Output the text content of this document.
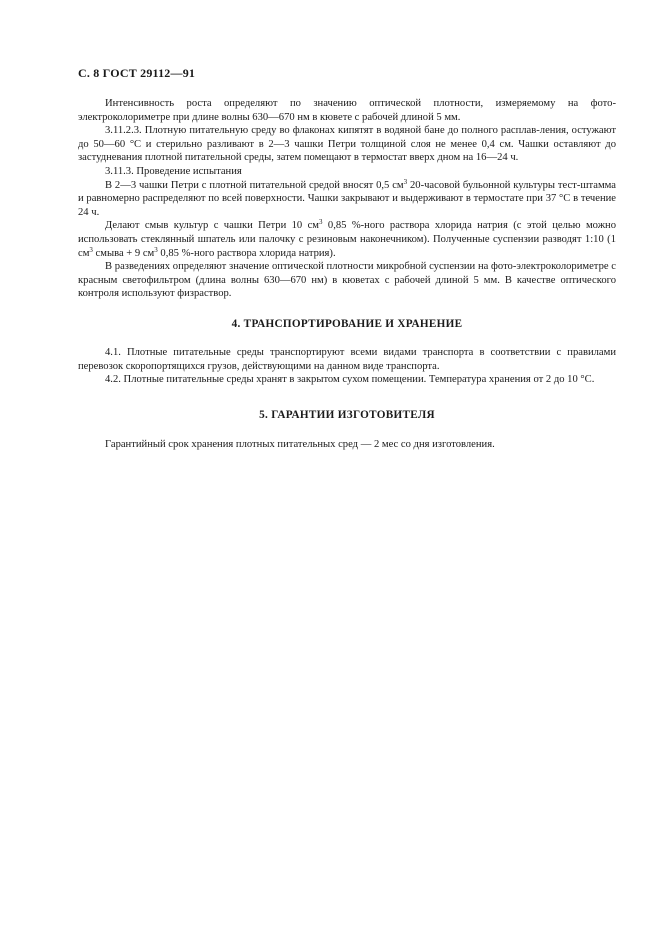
С. 8 ГОСТ 29112—91

Интенсивность роста определяют по значению оптической плотности, измеряемому на фото-электроколориметре при длине волны 630—670 нм в кювете с рабочей длиной 5 мм.

3.11.2.3. Плотную питательную среду во флаконах кипятят в водяной бане до полного расплав-ления, остужают до 50—60 °С и стерильно разливают в 2—3 чашки Петри толщиной слоя не менее 0,4 см. Чашки оставляют до застудневания плотной питательной среды, затем помещают в термостат вверх дном на 16—24 ч.

3.11.3. Проведение испытания

В 2—3 чашки Петри с плотной питательной средой вносят 0,5 $см^3$ 20-часовой бульонной культуры тест-штамма и равномерно распределяют по всей поверхности. Чашки закрывают и выдерживают в термостате при 37 °С в течение 24 ч.

Делают смыв культур с чашки Петри 10 $см^3$ 0,85 %-ного раствора хлорида натрия (с этой целью можно использовать стеклянный шпатель или палочку с резиновым наконечником). Полученные суспензии разводят 1:10 (1 $см^3$ смыва + 9 $см^3$ 0,85 %-ного раствора хлорида натрия).

В разведениях определяют значение оптической плотности микробной суспензии на фото-электроколориметре с красным светофильтром (длина волны 630—670 нм) в кюветах с рабочей длиной 5 мм. В качестве оптического контроля используют физраствор.

4. ТРАНСПОРТИРОВАНИЕ И ХРАНЕНИЕ

4.1. Плотные питательные среды транспортируют всеми видами транспорта в соответствии с правилами перевозок скоропортящихся грузов, действующими на данном виде транспорта.

4.2. Плотные питательные среды хранят в закрытом сухом помещении. Температура хранения от 2 до 10 °С.

5. ГАРАНТИИ ИЗГОТОВИТЕЛЯ

Гарантийный срок хранения плотных питательных сред — 2 мес со дня изготовления.
